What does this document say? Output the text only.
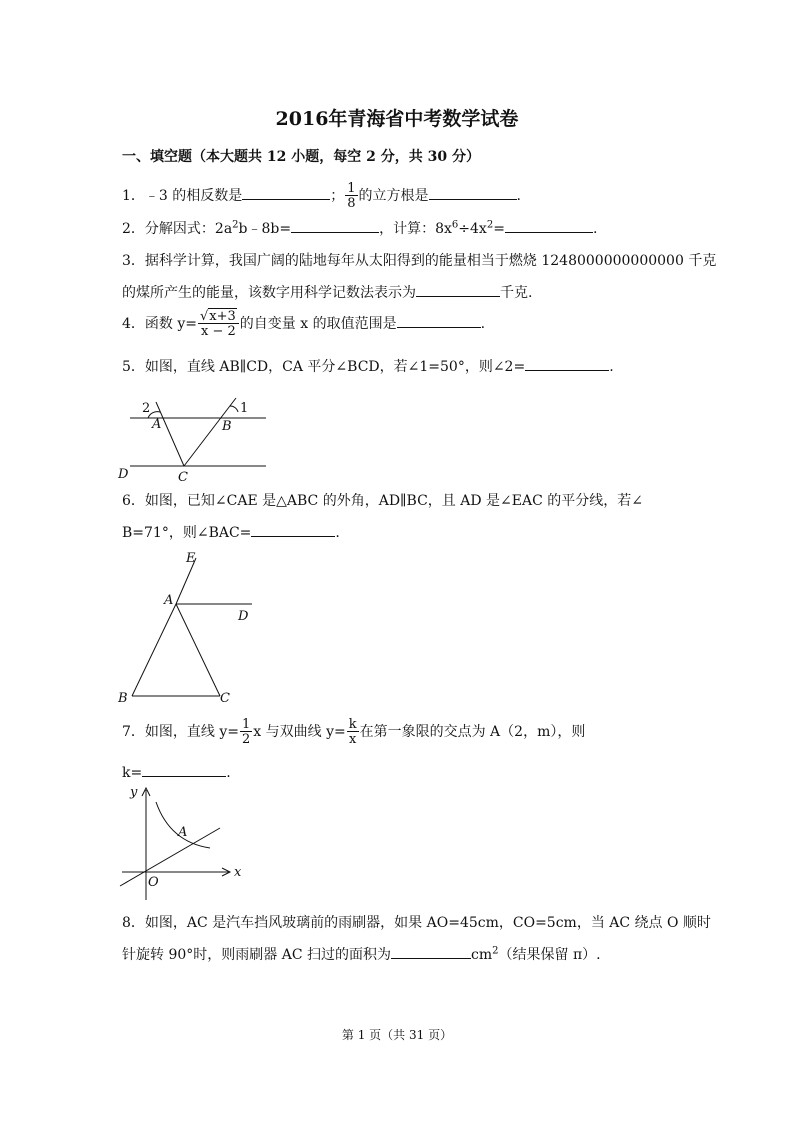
2016年青海省中考数学试卷
一、填空题（本大题共 12 小题，每空 2 分，共 30 分）
1．﹣3 的相反数是	； $\frac{1}{8}$ 的立方根是	.
2．分解因式：$2a^2b﹣8b=$	，计算：$8x^6\div 4x^2=$	.
3．据科学计算，我国广阔的陆地每年从太阳得到的能量相当于燃烧 1248000000000000 千克
的煤所产生的能量，该数字用科学记数法表示为	千克.
4．函数 $y= \frac{√x+3}{x - 2}$ 的自变量 x 的取值范围是	.
5．如图，直线 AB∥CD，CA 平分∠BCD，若∠1=50°，则∠2=	.
2
A	B
1
D	C
6．如图，已知∠CAE 是△ABC 的外角，AD∥BC，且 AD 是∠EAC 的平分线，若∠
B=71°，则∠BAC=	.
E
A
D
B	C
7．如图，直线 $y= \frac{1}{2}$ x 与双曲线 $y= \frac{k}{x}$ 在第一象限的交点为 A（2，m），则
k=	.
y
x
O
A
8．如图，AC 是汽车挡风玻璃前的雨刷器，如果 AO=45cm，CO=5cm，当 AC 绕点 O 顺时
针旋转 90°时，则雨刷器 AC 扫过的面积为	$cm^2$（结果保留 π）.
第 1 页（共 31 页）
